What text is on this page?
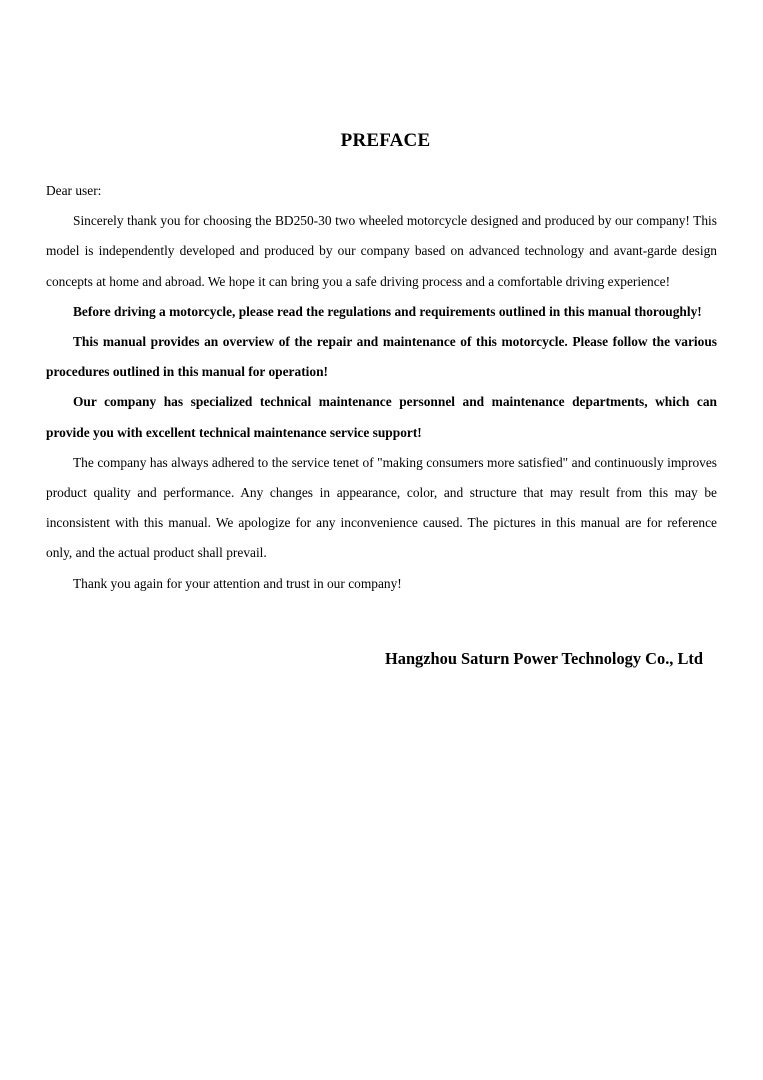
PREFACE

Dear user:

Sincerely thank you for choosing the BD250-30 two wheeled motorcycle designed and produced by our company! This model is independently developed and produced by our company based on advanced technology and avant-garde design concepts at home and abroad. We hope it can bring you a safe driving process and a comfortable driving experience!

Before driving a motorcycle, please read the regulations and requirements outlined in this manual thoroughly!

This manual provides an overview of the repair and maintenance of this motorcycle. Please follow the various procedures outlined in this manual for operation!

Our company has specialized technical maintenance personnel and maintenance departments, which can provide you with excellent technical maintenance service support!

The company has always adhered to the service tenet of "making consumers more satisfied" and continuously improves product quality and performance. Any changes in appearance, color, and structure that may result from this may be inconsistent with this manual. We apologize for any inconvenience caused. The pictures in this manual are for reference only, and the actual product shall prevail.

Thank you again for your attention and trust in our company!

Hangzhou Saturn Power Technology Co., Ltd
